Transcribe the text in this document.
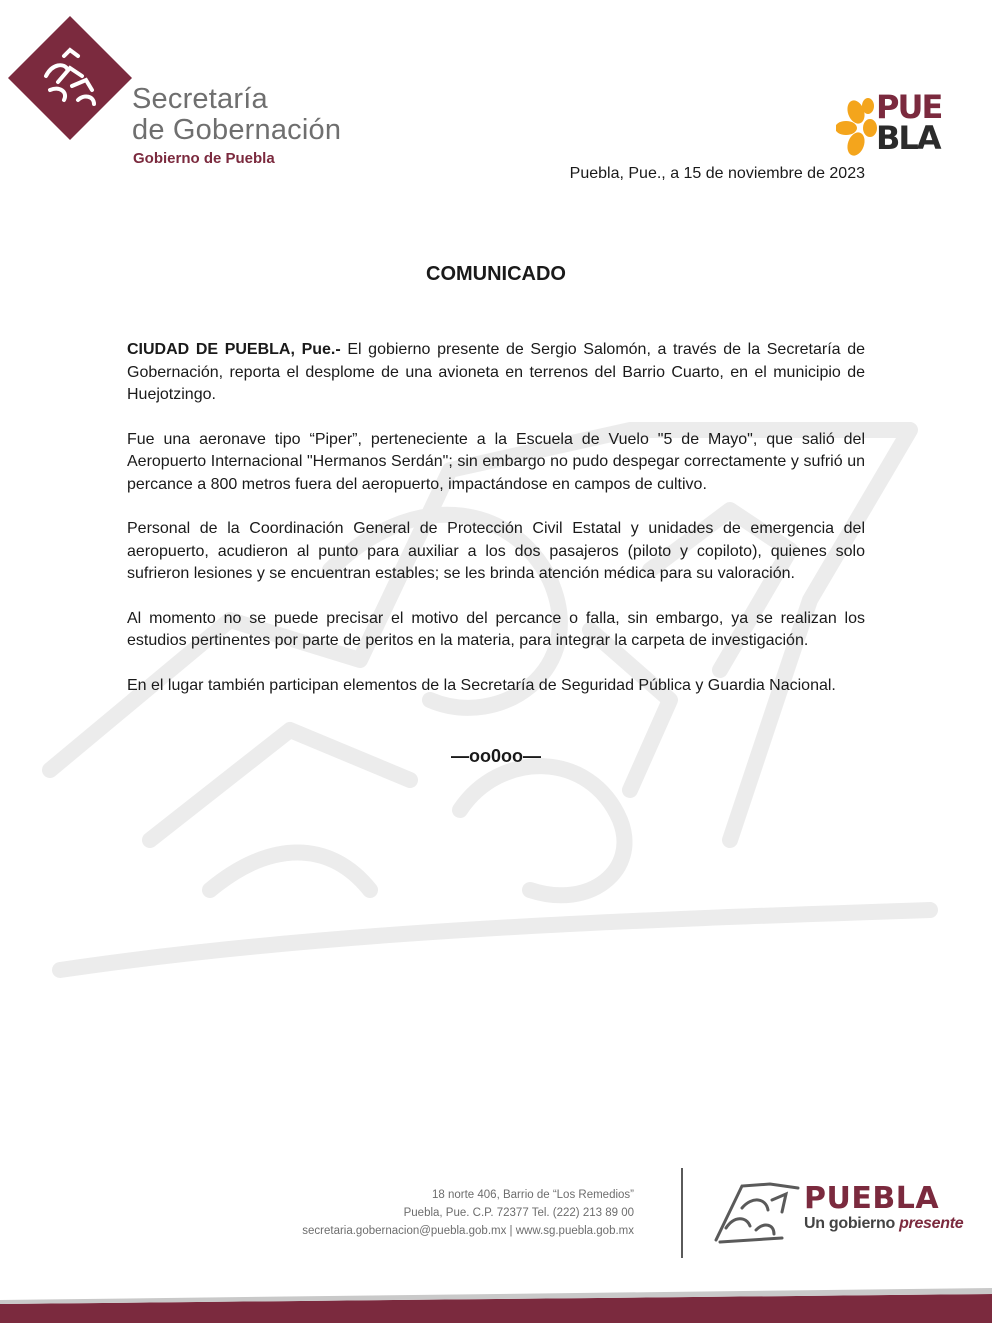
Secretaría
de Gobernación
Gobierno de Puebla
PUE
BLA
Puebla, Pue., a 15 de noviembre de 2023
COMUNICADO

CIUDAD DE PUEBLA, Pue.- El gobierno presente de Sergio Salomón, a través de la Secretaría de Gobernación, reporta el desplome de una avioneta en terrenos del Barrio Cuarto, en el municipio de Huejotzingo.

Fue una aeronave tipo “Piper”, perteneciente a la Escuela de Vuelo "5 de Mayo", que salió del Aeropuerto Internacional "Hermanos Serdán"; sin embargo no pudo despegar correctamente y sufrió un percance a 800 metros fuera del aeropuerto, impactándose en campos de cultivo.

Personal de la Coordinación General de Protección Civil Estatal y unidades de emergencia del aeropuerto, acudieron al punto para auxiliar a los dos pasajeros (piloto y copiloto), quienes solo sufrieron lesiones y se encuentran estables; se les brinda atención médica para su valoración.

Al momento no se puede precisar el motivo del percance o falla, sin embargo, ya se realizan los estudios pertinentes por parte de peritos en la materia, para integrar la carpeta de investigación.

En el lugar también participan elementos de la Secretaría de Seguridad Pública y Guardia Nacional.

—oo0oo—
18 norte 406, Barrio de “Los Remedios”
Puebla, Pue. C.P. 72377 Tel. (222) 213 89 00
secretaria.gobernacion@puebla.gob.mx | www.sg.puebla.gob.mx
PUEBLA
Un gobierno presente
